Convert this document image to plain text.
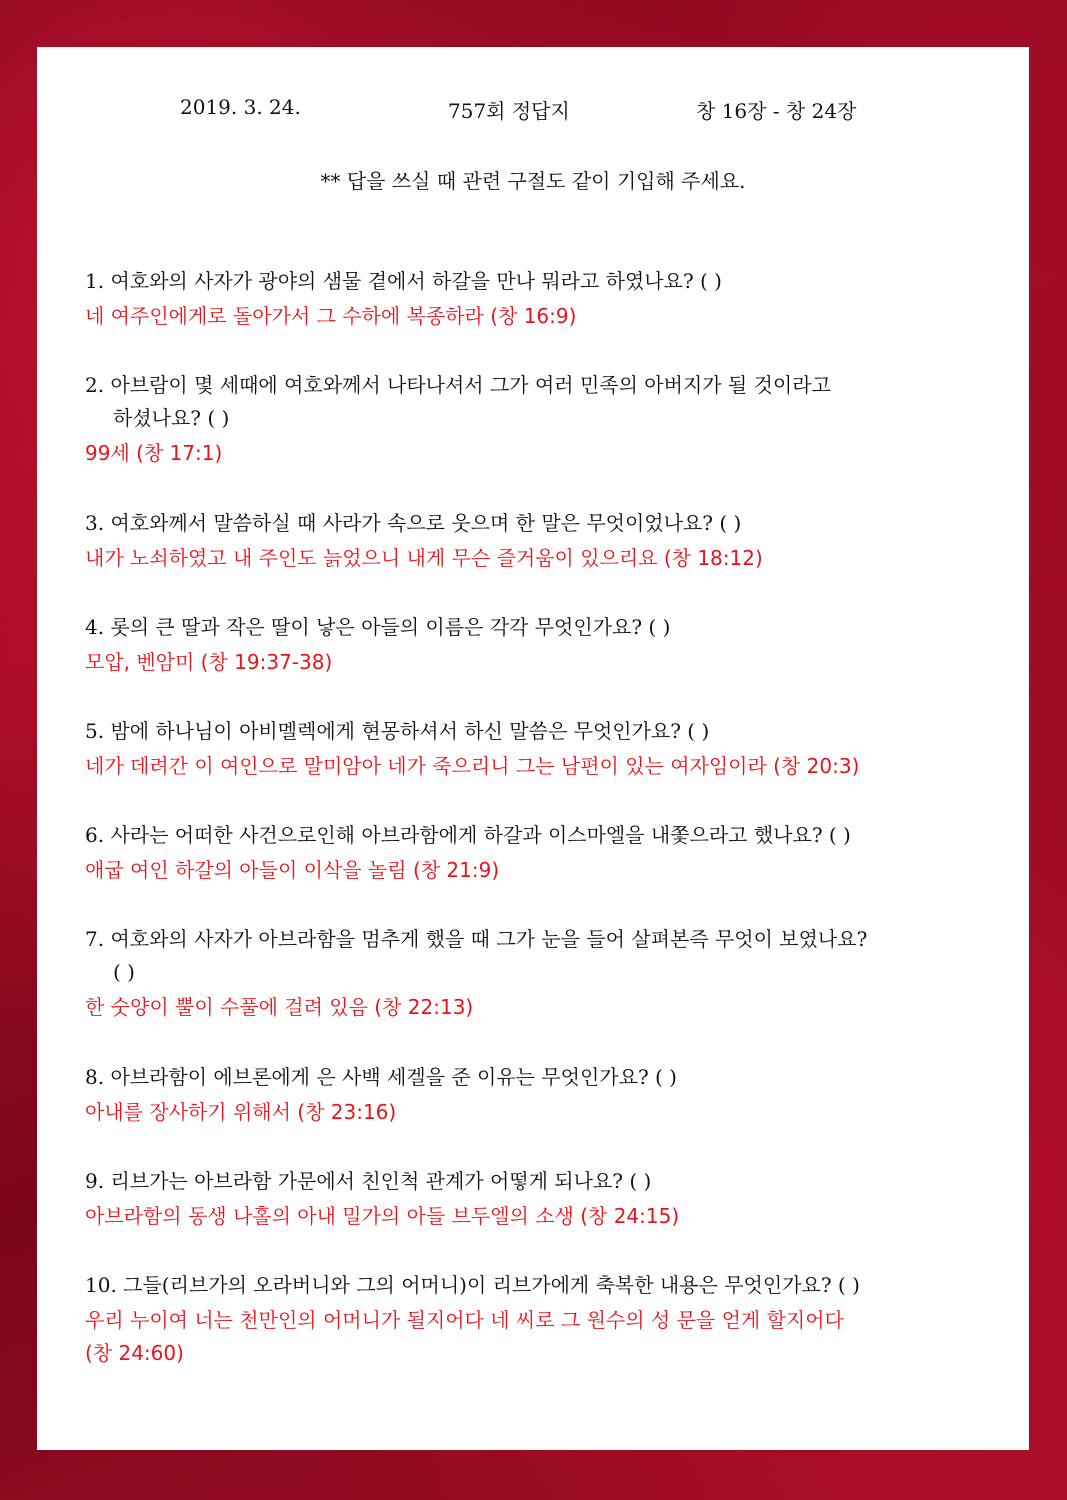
2019. 3. 24.	757회 정답지	창 16장 - 창 24장
** 답을 쓰실 때 관련 구절도 같이 기입해 주세요.

1. 여호와의 사자가 광야의 샘물 곁에서 하갈을 만나 뭐라고 하였나요? ( )

네 여주인에게로 돌아가서 그 수하에 복종하라 (창 16:9)

2. 아브람이 몇 세때에 여호와께서 나타나셔서 그가 여러 민족의 아버지가 될 것이라고
하셨나요? ( )

99세 (창 17:1)

3. 여호와께서 말씀하실 때 사라가 속으로 웃으며 한 말은 무엇이었나요? ( )

내가 노쇠하였고 내 주인도 늙었으니 내게 무슨 즐거움이 있으리요 (창 18:12)

4. 롯의 큰 딸과 작은 딸이 낳은 아들의 이름은 각각 무엇인가요? ( )

모압, 벤암미 (창 19:37-38)

5. 밤에 하나님이 아비멜렉에게 현몽하셔서 하신 말씀은 무엇인가요? ( )

네가 데려간 이 여인으로 말미암아 네가 죽으리니 그는 남편이 있는 여자임이라 (창 20:3)

6. 사라는 어떠한 사건으로인해 아브라함에게 하갈과 이스마엘을 내쫓으라고 했나요? ( )

애굽 여인 하갈의 아들이 이삭을 놀림 (창 21:9)

7. 여호와의 사자가 아브라함을 멈추게 했을 때 그가 눈을 들어 살펴본즉 무엇이 보였나요?
( )

한 숫양이 뿔이 수풀에 걸려 있음 (창 22:13)

8. 아브라함이 에브론에게 은 사백 세겔을 준 이유는 무엇인가요? ( )

아내를 장사하기 위해서 (창 23:16)

9. 리브가는 아브라함 가문에서 친인척 관계가 어떻게 되나요? ( )

아브라함의 동생 나홀의 아내 밀가의 아들 브두엘의 소생 (창 24:15)

10. 그들(리브가의 오라버니와 그의 어머니)이 리브가에게 축복한 내용은 무엇인가요? ( )

우리 누이여 너는 천만인의 어머니가 될지어다 네 씨로 그 원수의 성 문을 얻게 할지어다
(창 24:60)
